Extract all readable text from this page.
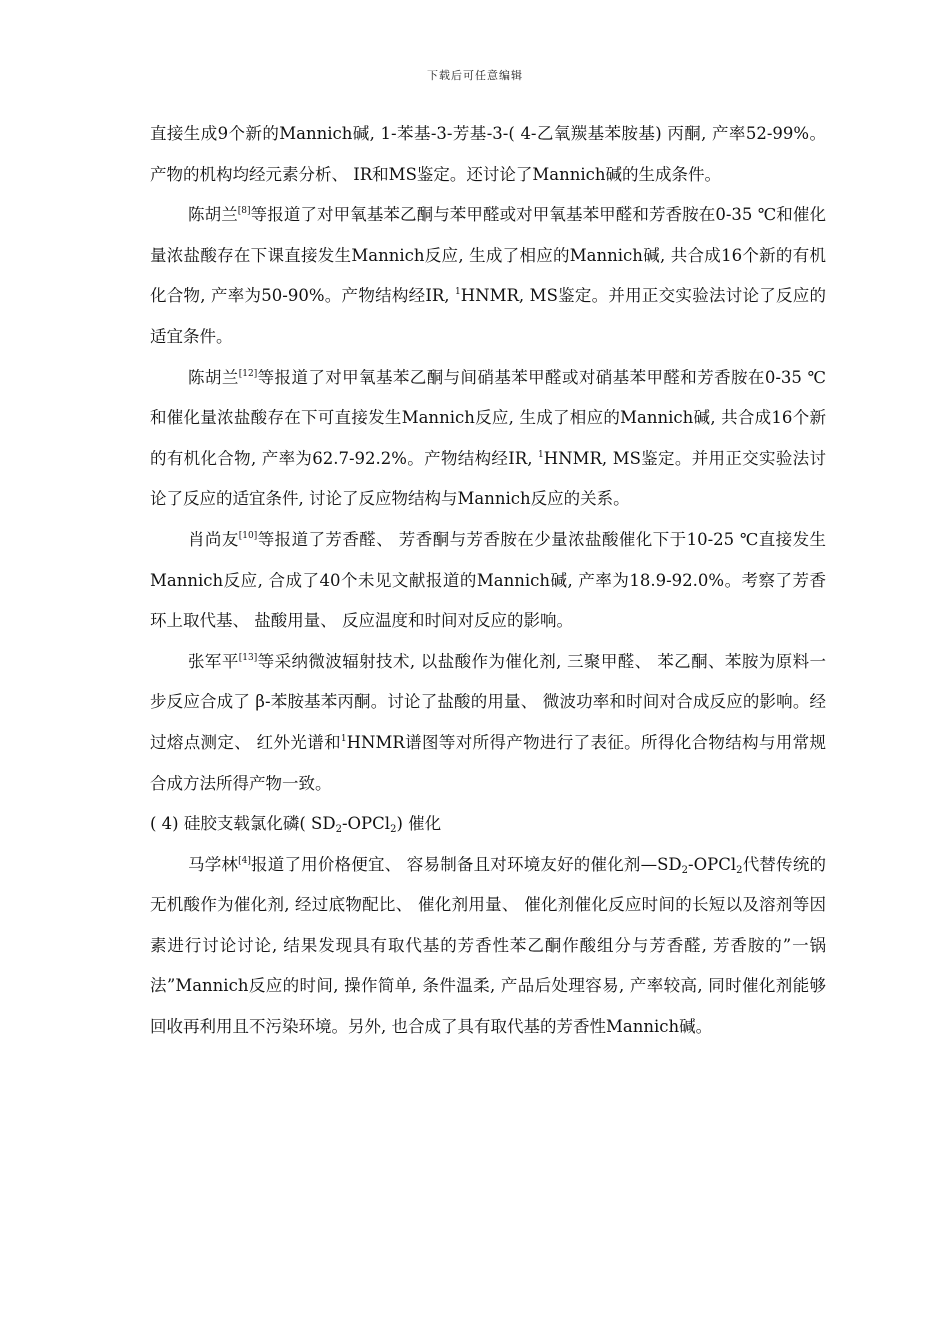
下载后可任意编辑

直接生成9个新的Mannich碱, 1-苯基-3-芳基-3-( 4-乙氧羰基苯胺基) 丙酮, 产率52-99%。产物的机构均经元素分析、 IR和MS鉴定。还讨论了Mannich碱的生成条件。

陈胡兰[8]等报道了对甲氧基苯乙酮与苯甲醛或对甲氧基苯甲醛和芳香胺在0-35 ℃和催化量浓盐酸存在下课直接发生Mannich反应, 生成了相应的Mannich碱, 共合成16个新的有机化合物, 产率为50-90%。产物结构经IR, $^1$HNMR, MS鉴定。并用正交实验法讨论了反应的适宜条件。

陈胡兰[12]等报道了对甲氧基苯乙酮与间硝基苯甲醛或对硝基苯甲醛和芳香胺在0-35 ℃和催化量浓盐酸存在下可直接发生Mannich反应, 生成了相应的Mannich碱, 共合成16个新的有机化合物, 产率为62.7-92.2%。产物结构经IR, $^1$HNMR, MS鉴定。并用正交实验法讨论了反应的适宜条件, 讨论了反应物结构与Mannich反应的关系。

肖尚友[10]等报道了芳香醛、 芳香酮与芳香胺在少量浓盐酸催化下于10-25 ℃直接发生Mannich反应, 合成了40个未见文献报道的Mannich碱, 产率为18.9-92.0%。考察了芳香环上取代基、 盐酸用量、 反应温度和时间对反应的影响。

张军平[13]等采纳微波辐射技术, 以盐酸作为催化剂, 三聚甲醛、 苯乙酮、苯胺为原料一步反应合成了 β-苯胺基苯丙酮。讨论了盐酸的用量、 微波功率和时间对合成反应的影响。经过熔点测定、 红外光谱和$^1$HNMR谱图等对所得产物进行了表征。所得化合物结构与用常规合成方法所得产物一致。

( 4) 硅胶支载氯化磷( $SD_2-OPCl_2$) 催化

马学林[4]报道了用价格便宜、 容易制备且对环境友好的催化剂$—SD_2-OPCl_2$代替传统的无机酸作为催化剂, 经过底物配比、 催化剂用量、 催化剂催化反应时间的长短以及溶剂等因素进行讨论讨论, 结果发现具有取代基的芳香性苯乙酮作酸组分与芳香醛, 芳香胺的”一锅法”Mannich反应的时间, 操作简单, 条件温柔, 产品后处理容易, 产率较高, 同时催化剂能够回收再利用且不污染环境。另外, 也合成了具有取代基的芳香性Mannich碱。
